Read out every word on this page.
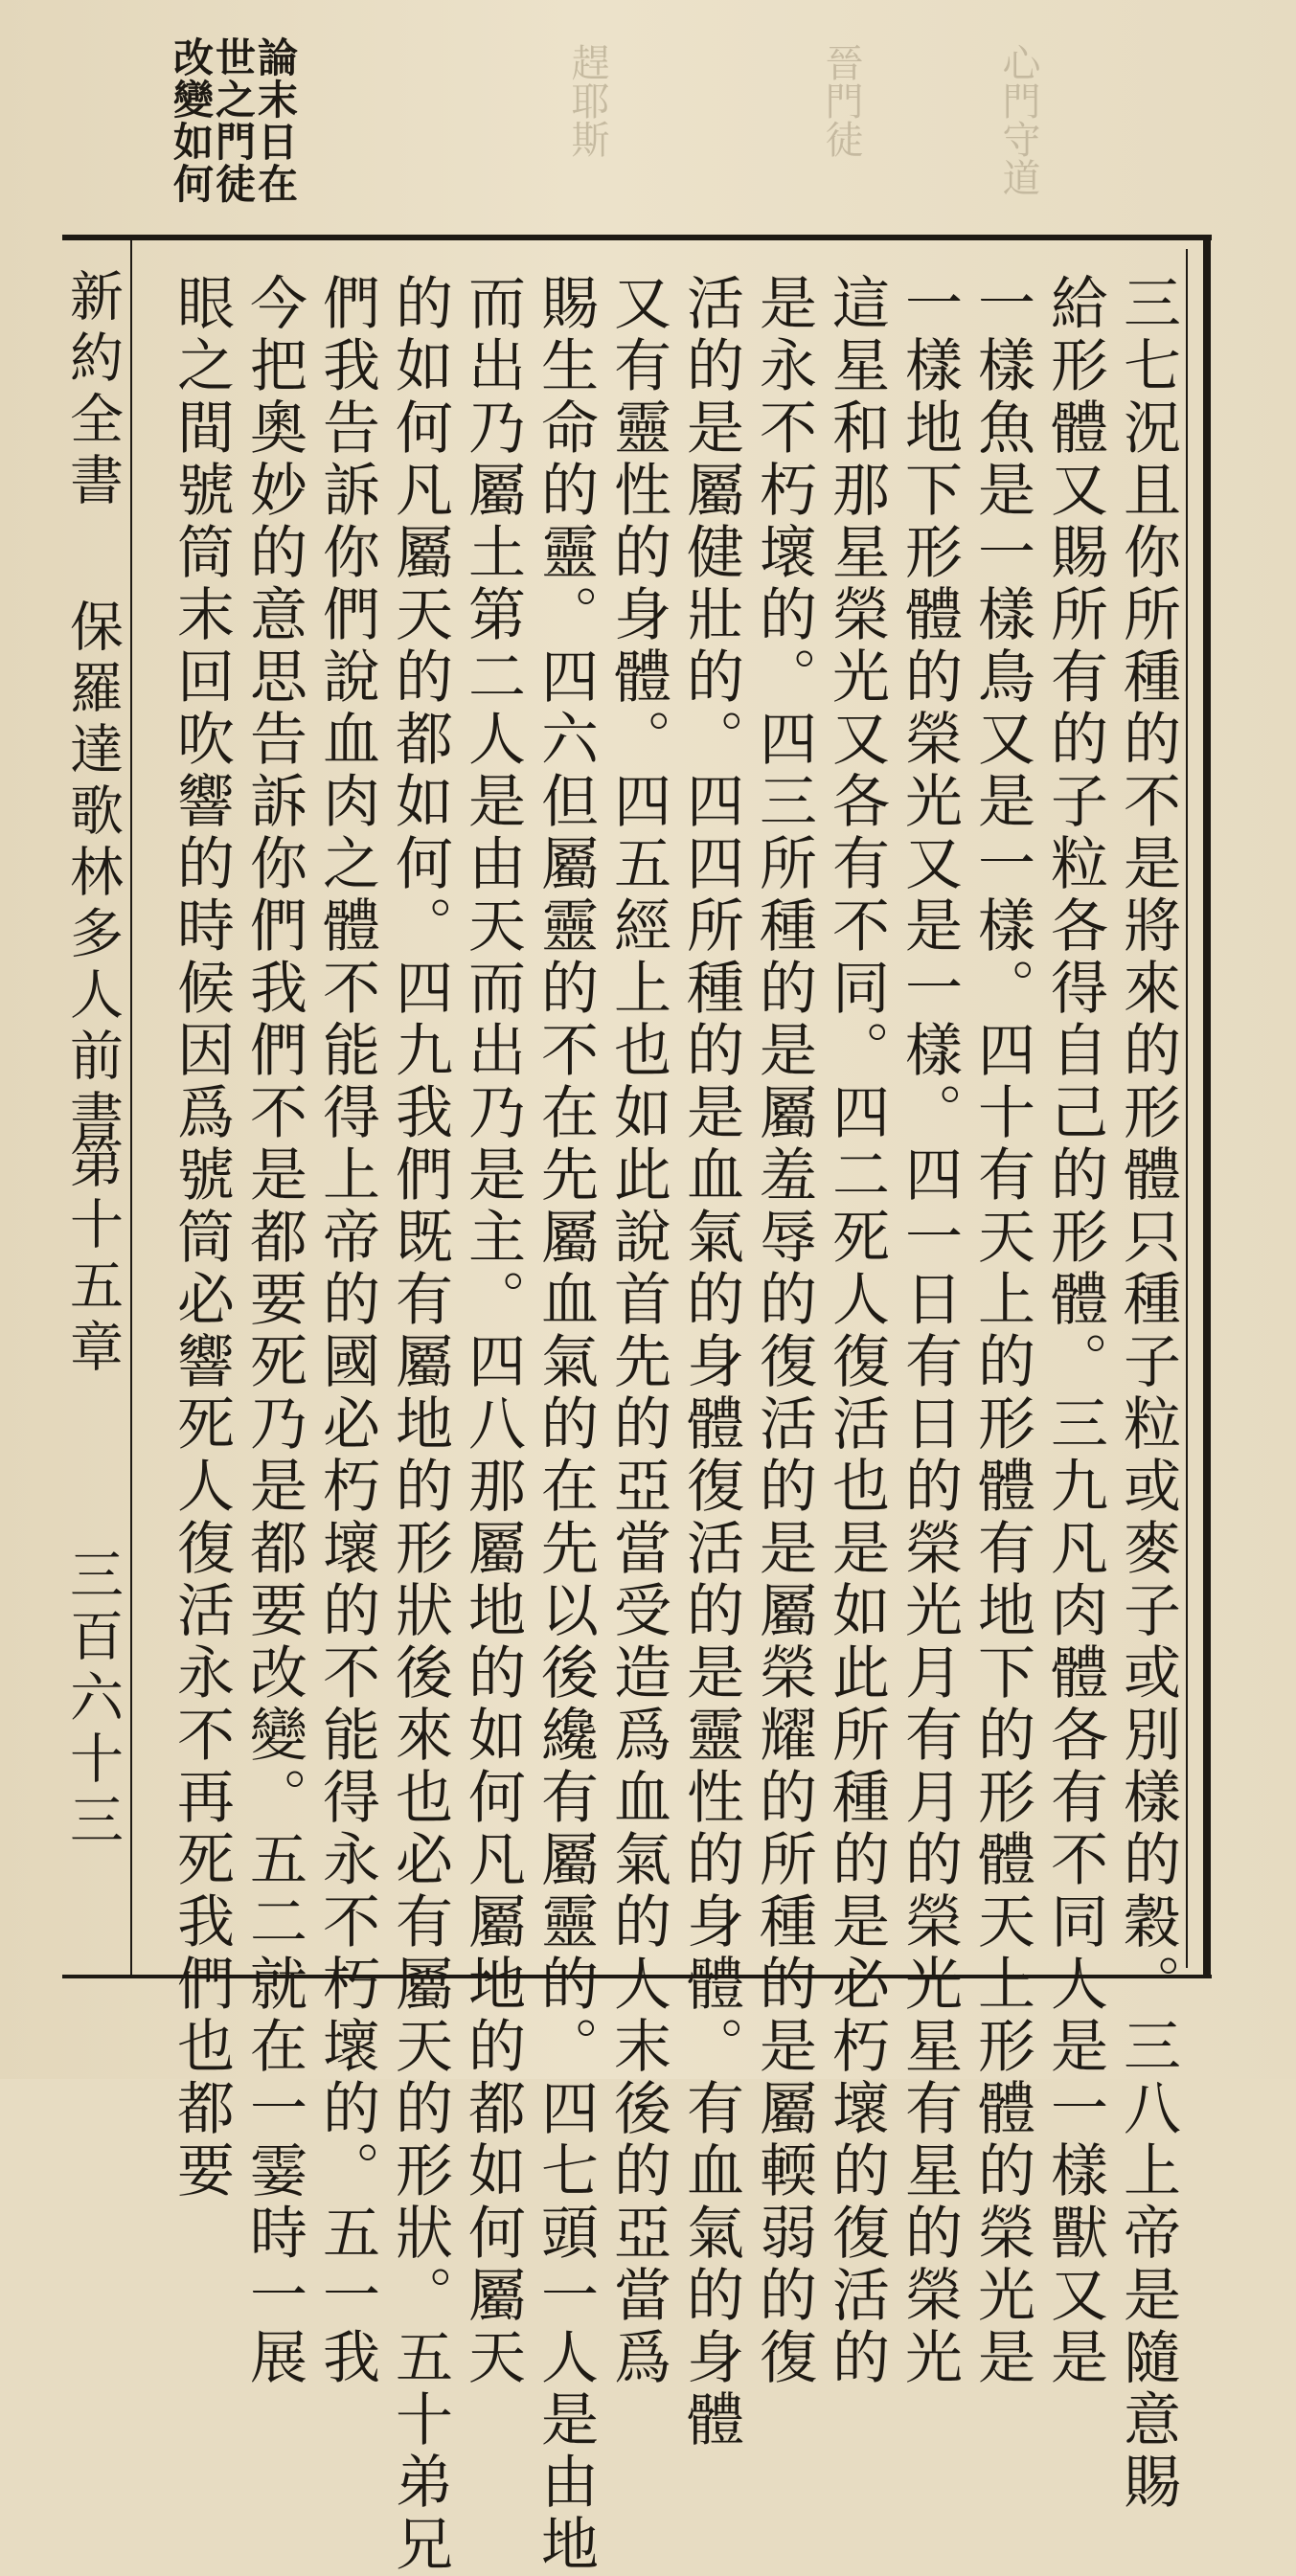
心門守道
晉門徒
趕耶斯
論末日在
世之門徒
改變如何
新約全書
保羅達歌林多人前書
第十五章
三百六十三	三七況且你所種的不是將來的形體只種子粒或麥子或別樣的穀。三八上帝是隨意賜
給形體又賜所有的子粒各得自己的形體。三九凡肉體各有不同人是一樣獸又是
一樣魚是一樣鳥又是一樣。四十有天上的形體有地下的形體天上形體的榮光是
一樣地下形體的榮光又是一樣。四一日有日的榮光月有月的榮光星有星的榮光
這星和那星榮光又各有不同。四二死人復活也是如此所種的是必朽壞的復活的
是永不朽壞的。四三所種的是屬羞辱的復活的是屬榮耀的所種的是屬輭弱的復
活的是屬健壯的。四四所種的是血氣的身體復活的是靈性的身體。有血氣的身體
又有靈性的身體。四五經上也如此說首先的亞當受造爲血氣的人末後的亞當爲
賜生命的靈。四六但屬靈的不在先屬血氣的在先以後纔有屬靈的。四七頭一人是由地
而出乃屬土第二人是由天而出乃是主。四八那屬地的如何凡屬地的都如何屬天
的如何凡屬天的都如何。四九我們既有屬地的形狀後來也必有屬天的形狀。五十弟兄
們我告訴你們說血肉之體不能得上帝的國必朽壞的不能得永不朽壞的。五一我
今把奧妙的意思告訴你們我們不是都要死乃是都要改變。五二就在一霎時一展
眼之間號筒末回吹響的時候因爲號筒必響死人復活永不再死我們也都要
